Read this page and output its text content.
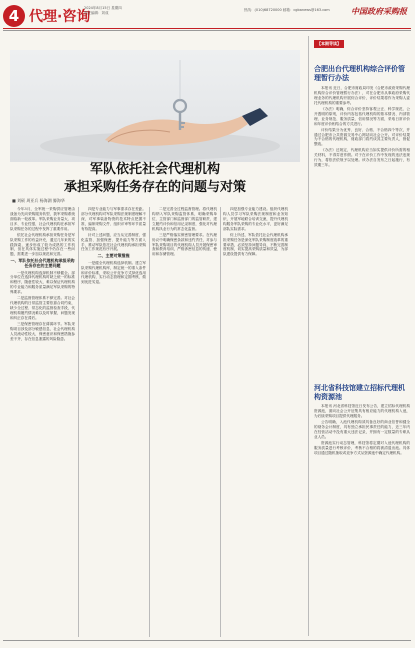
4 代理·咨询
2024年8月15日 星期四
责任编辑：刘成
热线：(010)68720000 邮箱：cgbanews@163.com	中国政府采购报
军队依托社会代理机构
承担采购任务存在的问题与对策
■ 刘硕 周亚兵 杨海湖 滕海华

今年3月，全军统一采购供应管理由战备为先向采购服务转型，我军采购系统面临新一轮改革。军队采购业务量大、项目多、专业性强，社会代理机构在承担军队采购任务的过程中发挥了重要作用。

依托社会代理机构承担采购任务是军队采购工作的有益补充，通过几年来的实践探索，逐步形成了较为成熟的工作机制，但在具体实施过程中仍存在一些问题，需要进一步加以规范和完善。

一、军队依托社会代理机构承担采购任务存在的主要问题

一是代理机构选择机制不够健全。部分单位在选择代理机构时缺乏统一的标准和程序，随意性较大，难以保证代理机构的专业能力和服务质量满足军队采购的特殊要求。

二是监督管理体系不够完善。对社会代理机构的日常监管主要依靠合同约束，缺少全过程、常态化的监督检查手段，代理机构履约情况难以及时掌握，问题发现和纠正存在滞后。

三是保密管理存在薄弱环节。军队采购项目涉及部分敏感信息，社会代理机构人员流动性较大，保密意识和保密措施参差不齐，存在信息泄露的风险隐患。

四是专业能力与军事需求存在差距。部分代理机构对军队采购法规制度理解不深，对军事装备物资的技术特点把握不准，编制采购文件、组织评审等环节质量有待提高。

针对上述问题，应当从完善制度、强化监管、加强保密、提升能力等方面入手，推动军队依托社会代理机构承担采购任务工作规范有序开展。

二、主要对策措施

一是健全代理机构选择机制。建立军队采购代理机构库，制定统一的准入条件和评价标准，采取公开竞争方式择优选用代理机构，实行动态管理和定期考核，做到优进劣退。

二是完善全过程监督管理。将代理机构纳入军队采购监管体系，明确采购单位、主管部门和监督部门的监管职责，建立履约评价和信用记录制度，强化对代理机构执业行为的常态化监督。

三是严格落实保密管理要求。在代理协议中明确保密条款和违约责任，对参与军队采购项目的代理机构人员开展保密审查和教育培训，严格涉密信息的传递、使用和存储管理。

四是加强专业能力建设。组织代理机构人员学习军队采购法规制度和业务知识，开展军地联合培训交流，提升代理机构服务军队采购的专业化水平，更好满足部队实际需求。

综上所述，军队依托社会代理机构承担采购任务是深化军队采购制度改革的重要举措，必须坚持问题导向，不断完善制度机制，切实提高采购质量和效益，为部队建设提供有力保障。

【本期导读】
合肥出台代理机构综合评价管理暂行办法

本报讯 近日，合肥市财政局印发《合肥市政府采购代理机构综合评价管理暂行办法》，对在合肥市从事政府采购代理业务的代理机构开展综合评价，评价结果将作为采购人委托代理机构的重要参考。

《办法》明确，综合评价坚持客观公正、科学规范、公开透明的原则，评价内容包括代理机构的基本情况、内部管理、业务规范、服务质量、信用情况等方面，采取日常评价和年度评价相结合的方式进行。

评价结果分为优秀、良好、合格、不合格四个等次，并通过合肥市公共资源交易中心网站向社会公开。对评价结果为不合格的代理机构，财政部门将约谈其主要负责人，督促整改。

《办法》还规定，代理机构应当如实提供评价所需的相关材料，不得弄虚作假。对于在评价工作中发现的违法违规行为，将依法依规予以处理。该办法自发布之日起施行，有效期三年。

河北省科技馆建立招标代理机构资源池

本报讯 河北省科技馆近日发布公告，建立招标代理机构资源池，面向社会公开征集具有相应能力的代理机构入池，为后续采购项目提供代理服务。

公告明确，入池代理机构须具备良好的商业信誉和健全的财务会计制度，具有独立承担民事责任的能力，近三年内在经营活动中没有重大违法记录，并拥有一定数量的专职从业人员。

资源池实行动态管理，科技馆将定期对入池代理机构的服务质量进行考核评价，考核不合格的将被清退出池。具体项目通过随机抽取或竞争方式从资源池中确定代理机构。
